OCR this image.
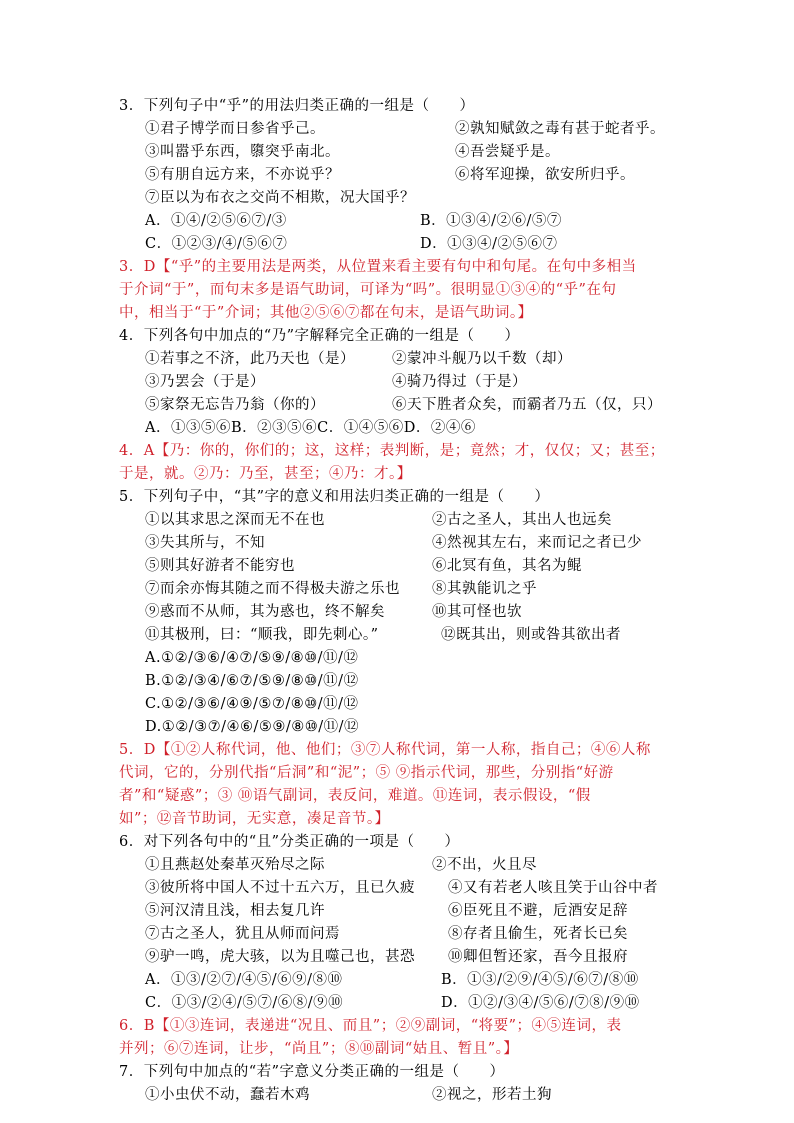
3．下列句子中“乎”的用法归类正确的一组是（　　）
①君子博学而日参省乎己。	②孰知赋敛之毒有甚于蛇者乎。
③叫嚣乎东西，隳突乎南北。	④吾尝疑乎是。
⑤有朋自远方来，不亦说乎？	⑥将军迎操，欲安所归乎。
⑦臣以为布衣之交尚不相欺，况大国乎？
A．①④/②⑤⑥⑦/③	B．①③④/②⑥/⑤⑦
C．①②③/④/⑤⑥⑦	D．①③④/②⑤⑥⑦
3．D【“乎”的主要用法是两类，从位置来看主要有句中和句尾。在句中多相当
于介词“于”，而句末多是语气助词，可译为“吗”。很明显①③④的“乎”在句
中，相当于“于”介词；其他②⑤⑥⑦都在句末，是语气助词。】
4．下列各句中加点的“乃”字解释完全正确的一组是（　　）
①若事之不济，此乃天也（是）	②蒙冲斗舰乃以千数（却）
③乃罢会（于是）	④骑乃得过（于是）
⑤家祭无忘告乃翁（你的）	⑥天下胜者众矣，而霸者乃五（仅，只）
A．①③⑤⑥B．②③⑤⑥C．①④⑤⑥D．②④⑥
4．A【乃：你的，你们的；这，这样；表判断，是；竟然；才，仅仅；又；甚至；
于是，就。②乃：乃至，甚至；④乃：才。】
5．下列句子中，“其”字的意义和用法归类正确的一组是（　　）
①以其求思之深而无不在也	②古之圣人，其出人也远矣
③失其所与，不知	④然视其左右，来而记之者已少
⑤则其好游者不能穷也	⑥北冥有鱼，其名为鲲
⑦而余亦悔其随之而不得极夫游之乐也 ⑧其孰能讥之乎
⑨惑而不从师，其为惑也，终不解矣	⑩其可怪也欤
⑪其极刑，曰：“顺我，即先刺心。”	⑫既其出，则或咎其欲出者
A.①②/③⑥/④⑦/⑤⑨/⑧⑩/⑪/⑫
B.①②/③④/⑥⑦/⑤⑨/⑧⑩/⑪/⑫
C.①②/③⑥/④⑨/⑤⑦/⑧⑩/⑪/⑫
D.①②/③⑦/④⑥/⑤⑨/⑧⑩/⑪/⑫
5．D【①②人称代词，他、他们；③⑦人称代词，第一人称，指自己；④⑥人称
代词，它的，分别代指“后洞”和“泥”；⑤ ⑨指示代词，那些，分别指“好游
者”和“疑惑”；③ ⑩语气副词，表反问，难道。⑪连词，表示假设，“假
如”；⑫音节助词，无实意，凑足音节。】
6．对下列各句中的“且”分类正确的一项是（　　）
①且燕赵处秦革灭殆尽之际	②不出，火且尽
③彼所将中国人不过十五六万，且已久疲 ④又有若老人咳且笑于山谷中者
⑤河汉清且浅，相去复几许	⑥臣死且不避，卮酒安足辞
⑦古之圣人，犹且从师而问焉	⑧存者且偷生，死者长已矣
⑨驴一鸣，虎大骇，以为且噬己也，甚恐 ⑩卿但暂还家，吾今且报府
A．①③/②⑦/④⑤/⑥⑨/⑧⑩	B．①③/②⑨/④⑤/⑥⑦/⑧⑩
C．①③/②④/⑤⑦/⑥⑧/⑨⑩	D．①②/③④/⑤⑥/⑦⑧/⑨⑩
6．B【①③连词，表递进“况且、而且”；②⑨副词，“将要”；④⑤连词，表
并列；⑥⑦连词，让步，“尚且”；⑧⑩副词“姑且、暂且”。】
7．下列句中加点的“若”字意义分类正确的一组是（　　）
①小虫伏不动，蠢若木鸡	②视之，形若土狗
